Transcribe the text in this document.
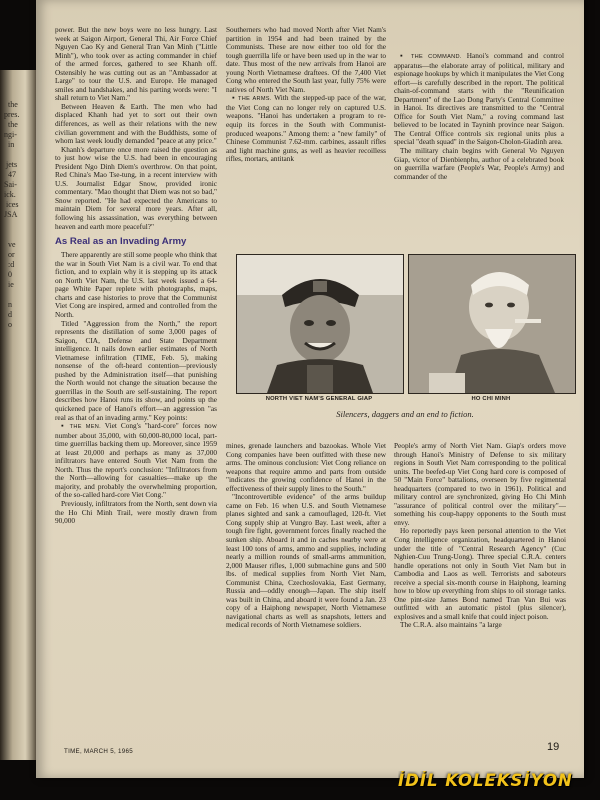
the
pres.
the
ngi-
in

jets
47
Sai-
ick.
ices
JSA

ve
or
:d
0
ie

n
d
o

power. But the new boys were no less hungry. Last week at Saigon Airport, General Thi, Air Force Chief Nguyen Cao Ky and General Tran Van Minh ("Little Minh"), who took over as acting commander in chief of the armed forces, gathered to see Khanh off. Ostensibly he was cutting out as an "Ambassador at Large" to tour the U.S. and Europe. He managed smiles and handshakes, and his parting words were: "I shall return to Viet Nam."

Between Heaven & Earth. The men who had displaced Khanh had yet to sort out their own differences, as well as their relations with the new civilian government and with the Buddhists, some of whom last week loudly demanded "peace at any price."

Khanh's departure once more raised the question as to just how wise the U.S. had been in encouraging President Ngo Dinh Diem's overthrow. On that point, Red China's Mao Tse-tung, in a recent interview with U.S. Journalist Edgar Snow, provided ironic commentary. "Mao thought that Diem was not so bad," Snow reported. "He had expected the Americans to maintain Diem for several more years. After all, following his assassination, was everything between heaven and earth more peaceful?"

As Real as an Invading Army

There apparently are still some people who think that the war in South Viet Nam is a civil war. To end that fiction, and to explain why it is stepping up its attack on North Viet Nam, the U.S. last week issued a 64-page White Paper replete with photographs, maps, charts and case histories to prove that the Communist Viet Cong are inspired, armed and controlled from the North.

Titled "Aggression from the North," the report represents the distillation of some 3,000 pages of Saigon, CIA, Defense and State Department intelligence. It nails down earlier estimates of North Vietnamese infiltration (TIME, Feb. 5), making nonsense of the oft-heard contention—previously pushed by the Administration itself—that punishing the North would not change the situation because the guerrillas in the South are self-sustaining. The report describes how Hanoi runs its show, and points up the quickened pace of Hanoi's effort—an aggression "as real as that of an invading army." Key points:

▪ THE MEN. Viet Cong's "hard-core" forces now number about 35,000, with 60,000-80,000 local, part-time guerrillas backing them up. Moreover, since 1959 at least 20,000 and perhaps as many as 37,000 infiltrators have entered South Viet Nam from the North. Thus the report's conclusion: "Infiltrators from the North—allowing for casualties—make up the majority, and probably the overwhelming proportion, of the so-called hard-core Viet Cong."

Previously, infiltrators from the North, sent down via the Ho Chi Minh Trail, were mostly drawn from 90,000

Southerners who had moved North after Viet Nam's partition in 1954 and had been trained by the Communists. These are now either too old for the tough guerrilla life or have been used up in the war to date. Thus most of the new arrivals from Hanoi are young North Vietnamese draftees. Of the 7,400 Viet Cong who entered the South last year, fully 75% were natives of North Viet Nam.

▪ THE ARMS. With the stepped-up pace of the war, the Viet Cong can no longer rely on captured U.S. weapons. "Hanoi has undertaken a program to re-equip its forces in the South with Communist-produced weapons." Among them: a "new family" of Chinese Communist 7.62-mm. carbines, assault rifles and light machine guns, as well as heavier recoilless rifles, mortars, antitank

▪ THE COMMAND. Hanoi's command and control apparatus—the elaborate array of political, military and espionage hookups by which it manipulates the Viet Cong effort—is carefully described in the report. The political chain-of-command starts with the "Reunification Department" of the Lao Dong Party's Central Committee in Hanoi. Its directives are transmitted to the "Central Office for South Viet Nam," a roving command last believed to be located in Tayninh province near Saigon. The Central Office controls six regional units plus a special "death squad" in the Saigon-Cholon-Giadinh area.

The military chain begins with General Vo Nguyen Giap, victor of Dienbienphu, author of a celebrated book on guerrilla warfare (People's War, People's Army) and commander of the

NORTH VIET NAM'S GENERAL GIAP	HO CHI MINH
Silencers, daggers and an end to fiction.

mines, grenade launchers and bazookas. Whole Viet Cong companies have been outfitted with these new arms. The ominous conclusion: Viet Cong reliance on weapons that require ammo and parts from outside "indicates the growing confidence of Hanoi in the effectiveness of their supply lines to the South."

"Incontrovertible evidence" of the arms buildup came on Feb. 16 when U.S. and South Vietnamese planes sighted and sank a camouflaged, 120-ft. Viet Cong supply ship at Vungro Bay. Last week, after a tough fire fight, government forces finally reached the sunken ship. Aboard it and in caches nearby were at least 100 tons of arms, ammo and supplies, including nearly a million rounds of small-arms ammunition, 2,000 Mauser rifles, 1,000 submachine guns and 500 lbs. of medical supplies from North Viet Nam, Communist China, Czechoslovakia, East Germany, Russia and—oddly enough—Japan. The ship itself was built in China, and aboard it were found a Jan. 23 copy of a Haiphong newspaper, North Vietnamese navigational charts as well as snapshots, letters and medical records of North Vietnamese soldiers.

People's army of North Viet Nam. Giap's orders move through Hanoi's Ministry of Defense to six military regions in South Viet Nam corresponding to the political units. The beefed-up Viet Cong hard core is composed of 50 "Main Force" battalions, overseen by five regimental headquarters (compared to two in 1961). Political and military control are synchronized, giving Ho Chi Minh "assurance of political control over the military"—something his coup-happy opponents to the South must envy.

Ho reportedly pays keen personal attention to the Viet Cong intelligence organization, headquartered in Hanoi under the title of "Central Research Agency" (Cuc Nghien-Cuu Trung-Uong). Three special C.R.A. centers handle operations not only in South Viet Nam but in Cambodia and Laos as well. Terrorists and saboteurs receive a special six-month course in Haiphong, learning how to blow up everything from ships to oil storage tanks. One pint-size James Bond named Tran Van Bui was outfitted with an automatic pistol (plus silencer), explosives and a small knife that could inject poison.

The C.R.A. also maintains "a large

TIME, MARCH 5, 1965	19
İDİL KOLEKSİYON
